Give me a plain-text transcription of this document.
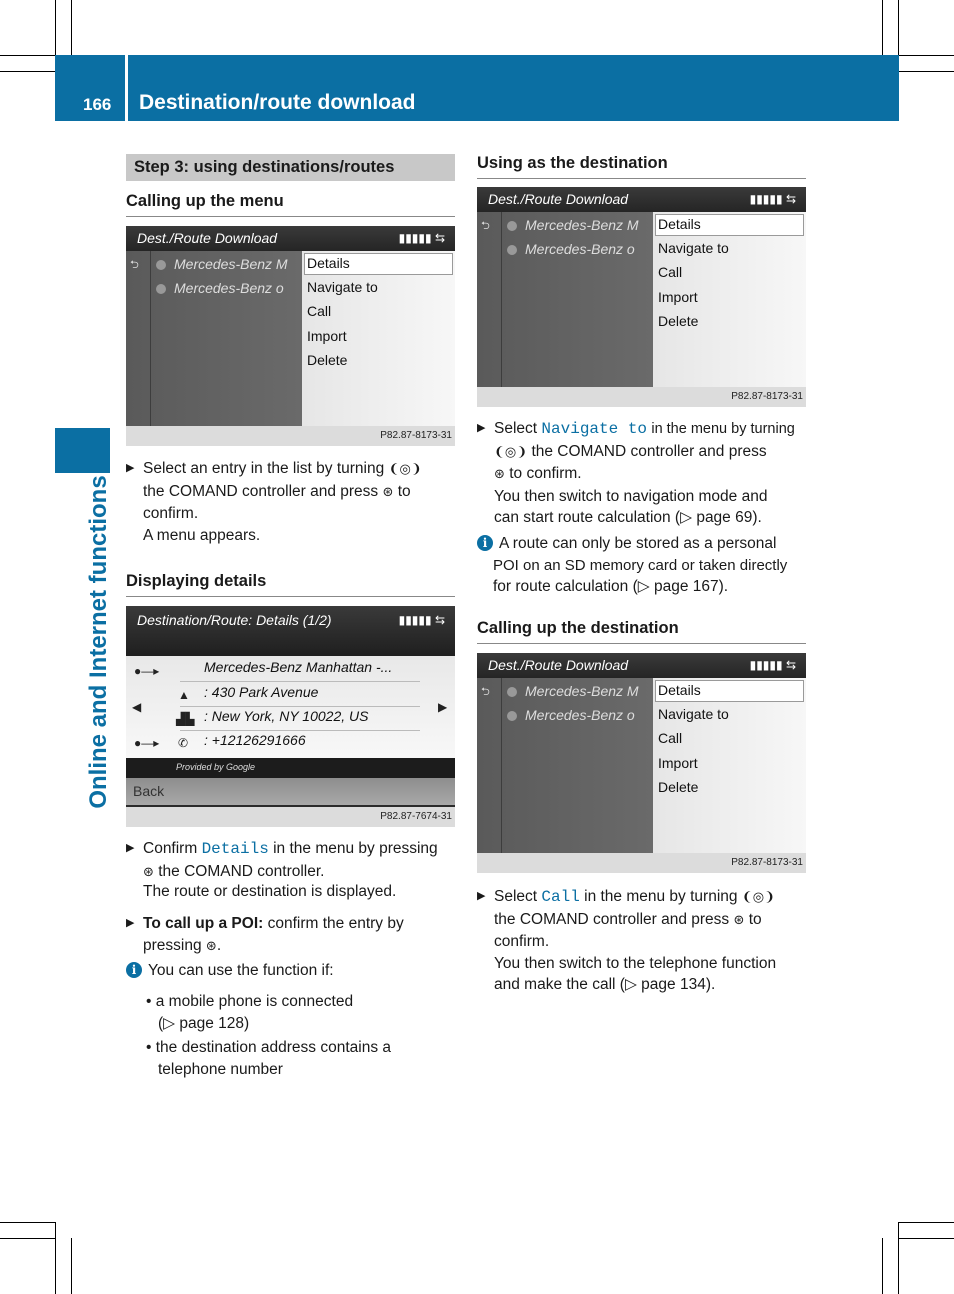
166 Destination/route download
Online and Internet functions
Step 3: using destinations/routes
Calling up the menu
Dest./Route Download	▮▮▮▮▮ ⇆
⮌	Mercedes-Benz M
Mercedes-Benz o
Details
Navigate to
Call
Import
Delete
P82.87-8173-31
▶ Select an entry in the list by turning ❨◎❩
the COMAND controller and press ⊛ to
confirm.
A menu appears.
Displaying details
Destination/Route: Details (1/2)	▮▮▮▮▮ ⇆
●—▸	Mercedes-Benz Manhattan -...
▲ : 430 Park Avenue
▟▙ : New York, NY 10022, US
●—▸ ✆ : +12126291666
◀	▶
Provided by Google
Back
P82.87-7674-31
▶ Confirm Details in the menu by pressing
⊛ the COMAND controller.
The route or destination is displayed.
▶ To call up a POI: confirm the entry by
pressing ⊛.
i You can use the function if:
• a mobile phone is connected
(▷ page 128)
• the destination address contains a
telephone number
Using as the destination
Dest./Route Download	▮▮▮▮▮ ⇆
⮌	Mercedes-Benz M
Mercedes-Benz o
Details
Navigate to
Call
Import
Delete
P82.87-8173-31
▶ Select Navigate to in the menu by turning
❨◎❩ the COMAND controller and press
⊛ to confirm.
You then switch to navigation mode and
can start route calculation (▷ page 69).
i A route can only be stored as a personal
POI on an SD memory card or taken directly
for route calculation (▷ page 167).
Calling up the destination
Dest./Route Download	▮▮▮▮▮ ⇆
⮌	Mercedes-Benz M
Mercedes-Benz o
Details
Navigate to
Call
Import
Delete
P82.87-8173-31
▶ Select Call in the menu by turning ❨◎❩
the COMAND controller and press ⊛ to
confirm.
You then switch to the telephone function
and make the call (▷ page 134).
